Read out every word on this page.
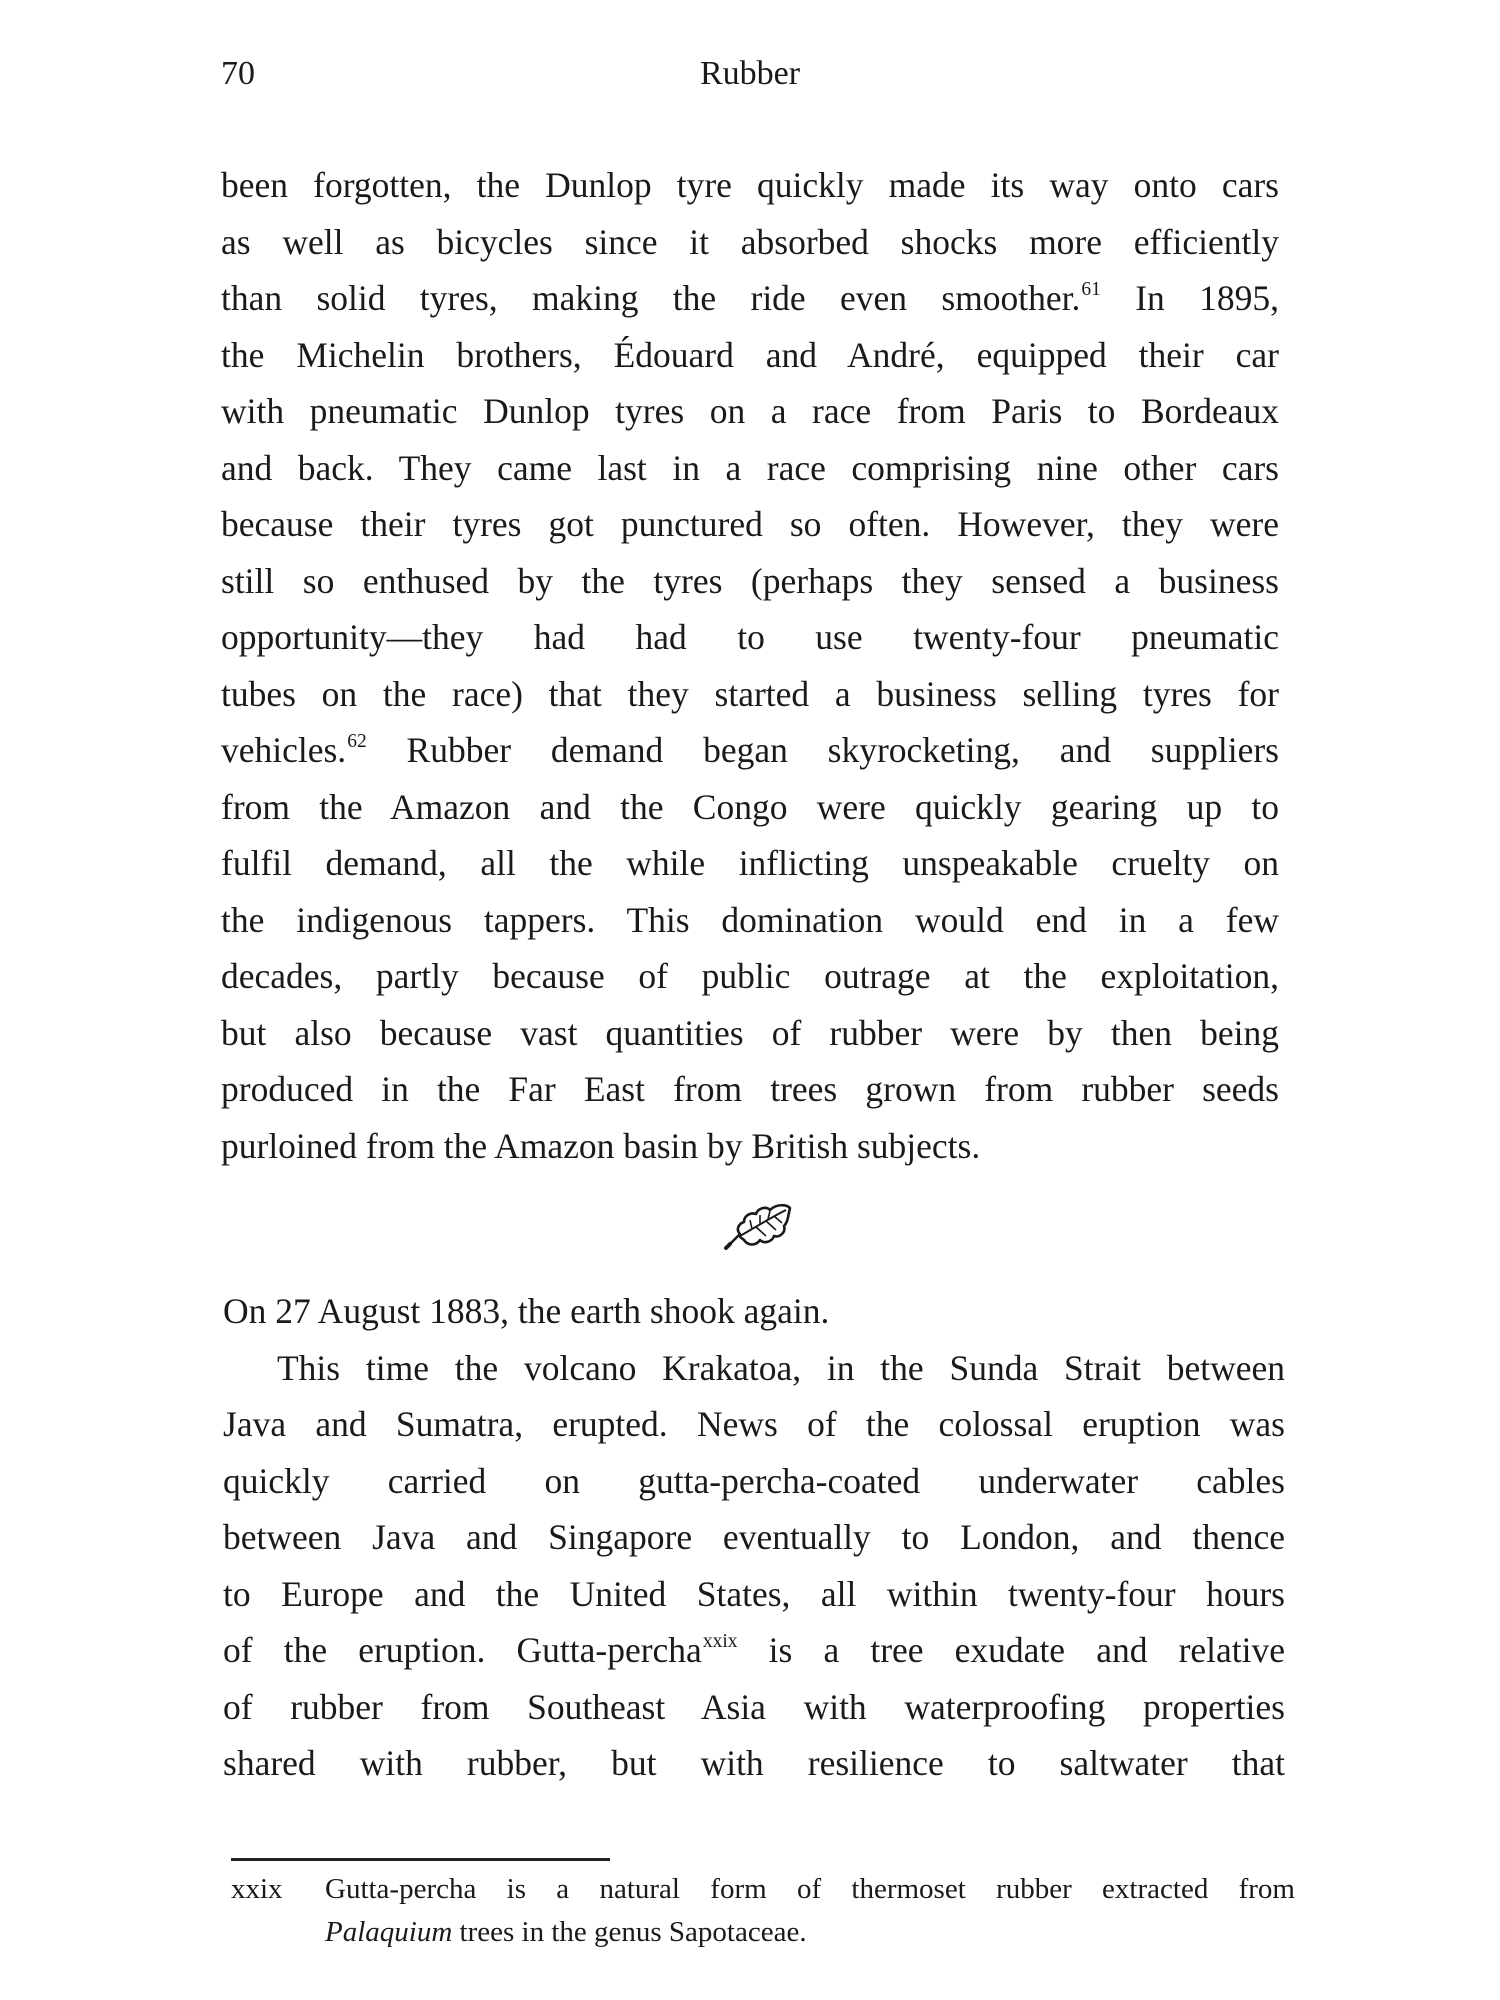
70	Rubber
been forgotten, the Dunlop tyre quickly made its way onto cars
as well as bicycles since it absorbed shocks more efficiently
than solid tyres, making the ride even smoother.$^{61}$ In 1895,
the Michelin brothers, Édouard and André, equipped their car
with pneumatic Dunlop tyres on a race from Paris to Bordeaux
and back. They came last in a race comprising nine other cars
because their tyres got punctured so often. However, they were
still so enthused by the tyres (perhaps they sensed a business
opportunity—they had had to use twenty-four pneumatic
tubes on the race) that they started a business selling tyres for
vehicles.$^{62}$ Rubber demand began skyrocketing, and suppliers
from the Amazon and the Congo were quickly gearing up to
fulfil demand, all the while inflicting unspeakable cruelty on
the indigenous tappers. This domination would end in a few
decades, partly because of public outrage at the exploitation,
but also because vast quantities of rubber were by then being
produced in the Far East from trees grown from rubber seeds
purloined from the Amazon basin by British subjects.
On 27 August 1883, the earth shook again.
This time the volcano Krakatoa, in the Sunda Strait between
Java and Sumatra, erupted. News of the colossal eruption was
quickly carried on gutta-percha-coated underwater cables
between Java and Singapore eventually to London, and thence
to Europe and the United States, all within twenty-four hours
of the eruption. Gutta-percha$^{xxix}$ is a tree exudate and relative
of rubber from Southeast Asia with waterproofing properties
shared with rubber, but with resilience to saltwater that
xxix Gutta-percha is a natural form of thermoset rubber extracted from
Palaquium trees in the genus Sapotaceae.
